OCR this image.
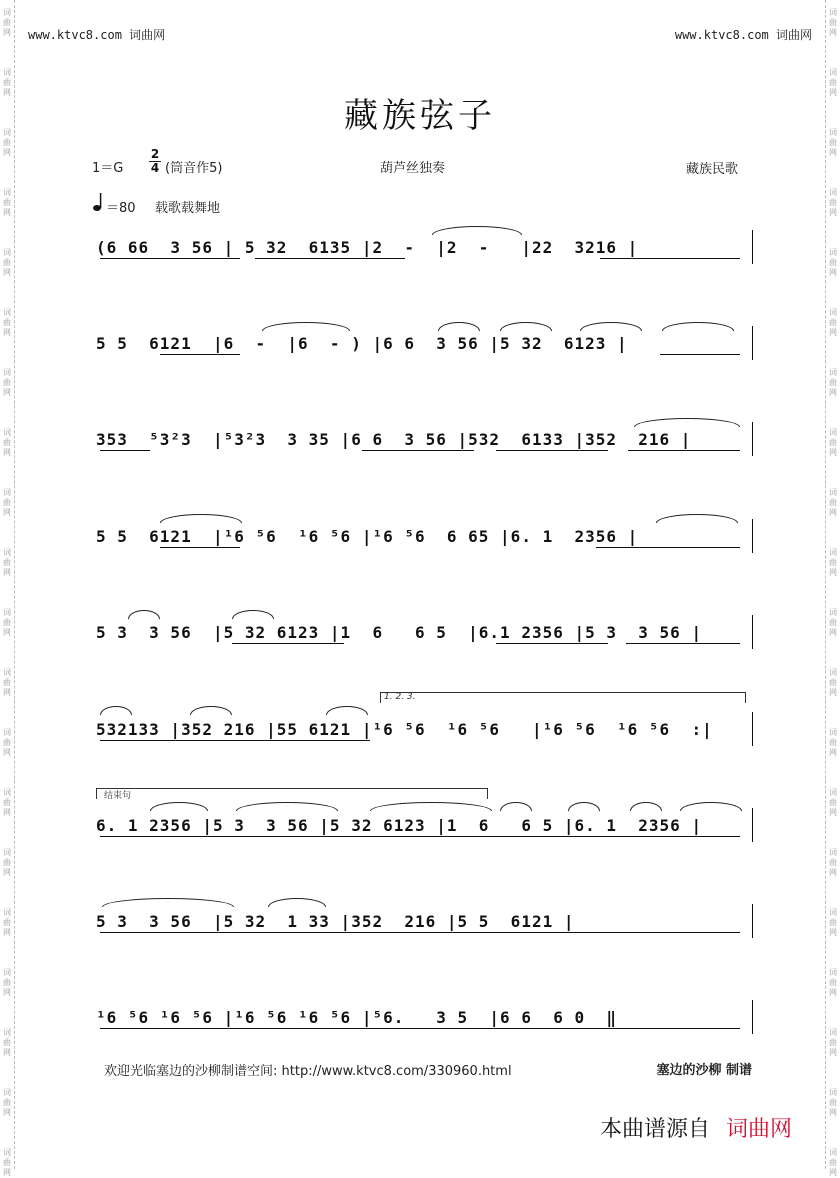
词曲网
词曲网
词曲网
词曲网
词曲网
词曲网
词曲网
词曲网
词曲网
词曲网
词曲网
词曲网
词曲网
词曲网
词曲网
词曲网
词曲网
词曲网
词曲网
词曲网
词曲网
词曲网
词曲网
词曲网
词曲网
词曲网
词曲网
词曲网
词曲网
词曲网
词曲网
词曲网
词曲网
词曲网
词曲网
词曲网
词曲网
词曲网
词曲网
词曲网
www.ktvc8.com 词曲网	www.ktvc8.com 词曲网
藏族弦子
1＝G
2
4 (筒音作5)	葫芦丝独奏	藏族民歌
＝80 载歌载舞地
(6 66  3 56 | 5 32  6135 |2  -  |2  -   |22  3216 |
5 5  6121  |6  -  |6  - ) |6 6  3 56 |5 32  6123 |
353  ⁵3²3  |⁵3²3  3 35 |6 6  3 56 |532  6133 |352  216 |
5 5  6121  |¹6 ⁵6  ¹6 ⁵6 |¹6 ⁵6  6 65 |6. 1  2356 |
5 3  3 56  |5 32 6123 |1  6   6 5  |6.1 2356 |5 3  3 56 |
532133 |352 216 |55 6121 |¹6 ⁵6  ¹6 ⁵6   |¹6 ⁵6  ¹6 ⁵6  :|
6. 1 2356 |5 3  3 56 |5 32 6123 |1  6   6 5 |6. 1  2356 |
5 3  3 56  |5 32  1 33 |352  216 |5 5  6121 |
¹6 ⁵6 ¹6 ⁵6 |¹6 ⁵6 ¹6 ⁵6 |⁵6.   3 5  |6 6  6 0  ‖
1. 2. 3.
结束句
欢迎光临塞边的沙柳制谱空间: http://www.ktvc8.com/330960.html	塞边的沙柳 制谱
本曲谱源自 词曲网
